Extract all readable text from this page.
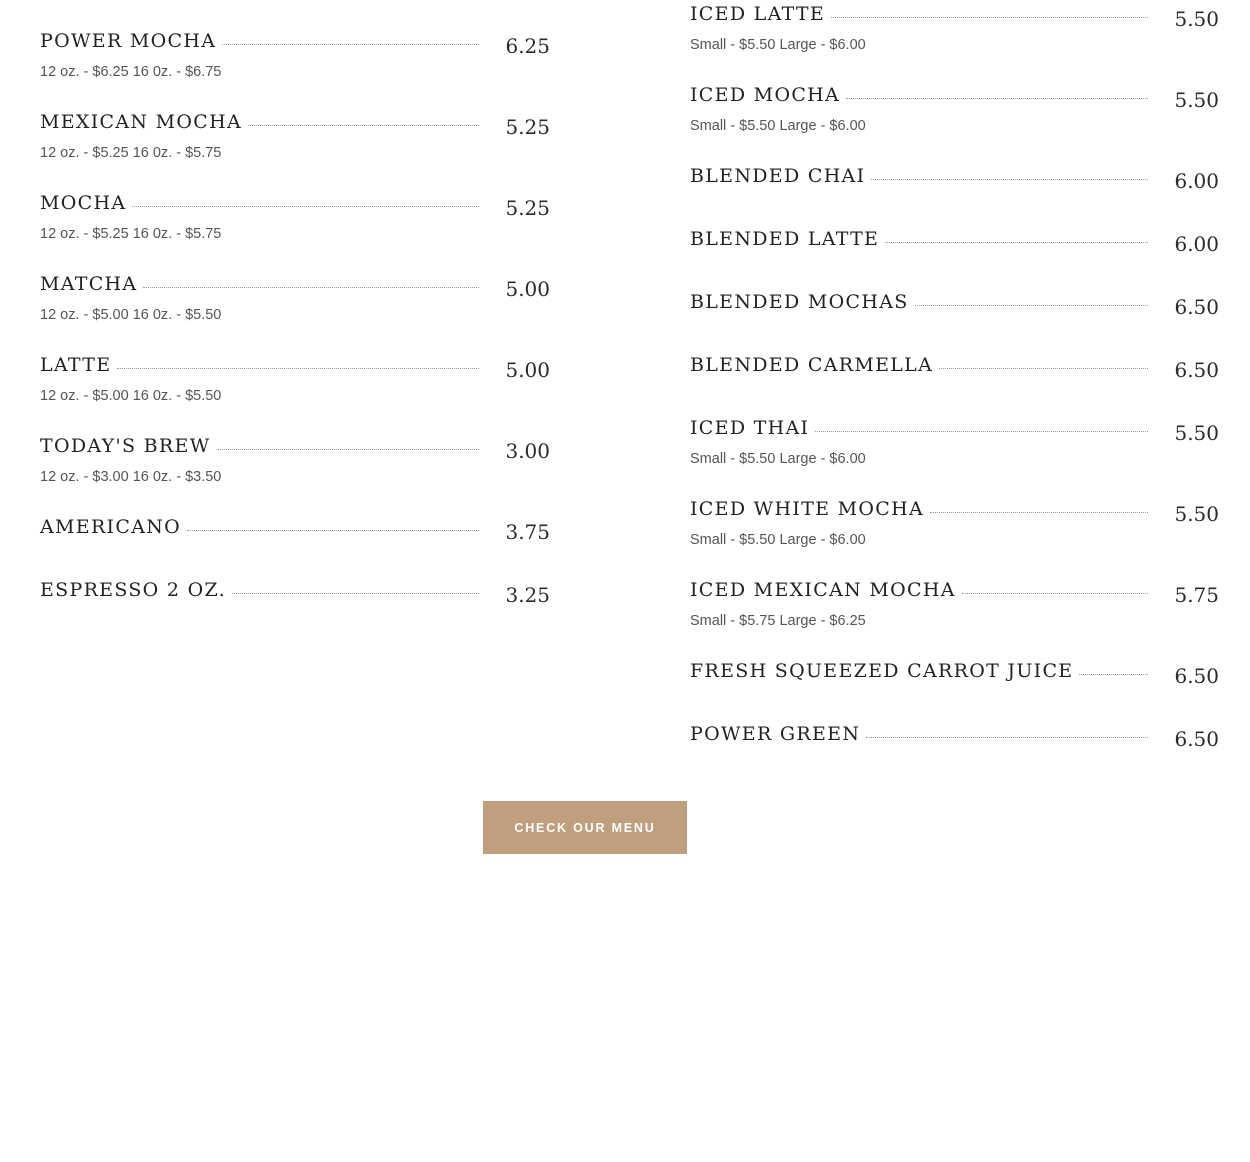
POWER MOCHA	6.25
12 oz. - $6.25 16 0z. - $6.75
MEXICAN MOCHA	5.25
12 oz. - $5.25 16 0z. - $5.75
MOCHA	5.25
12 oz. - $5.25 16 0z. - $5.75
MATCHA	5.00
12 oz. - $5.00 16 0z. - $5.50
LATTE	5.00
12 oz. - $5.00 16 0z. - $5.50
TODAY'S BREW	3.00
12 oz. - $3.00 16 0z. - $3.50
AMERICANO	3.75
ESPRESSO 2 OZ.	3.25
ICED LATTE	5.50
Small - $5.50 Large - $6.00
ICED MOCHA	5.50
Small - $5.50 Large - $6.00
BLENDED CHAI	6.00
BLENDED LATTE	6.00
BLENDED MOCHAS	6.50
BLENDED CARMELLA	6.50
ICED THAI	5.50
Small - $5.50 Large - $6.00
ICED WHITE MOCHA	5.50
Small - $5.50 Large - $6.00
ICED MEXICAN MOCHA	5.75
Small - $5.75 Large - $6.25
FRESH SQUEEZED CARROT JUICE	6.50
POWER GREEN	6.50
CHECK OUR MENU
